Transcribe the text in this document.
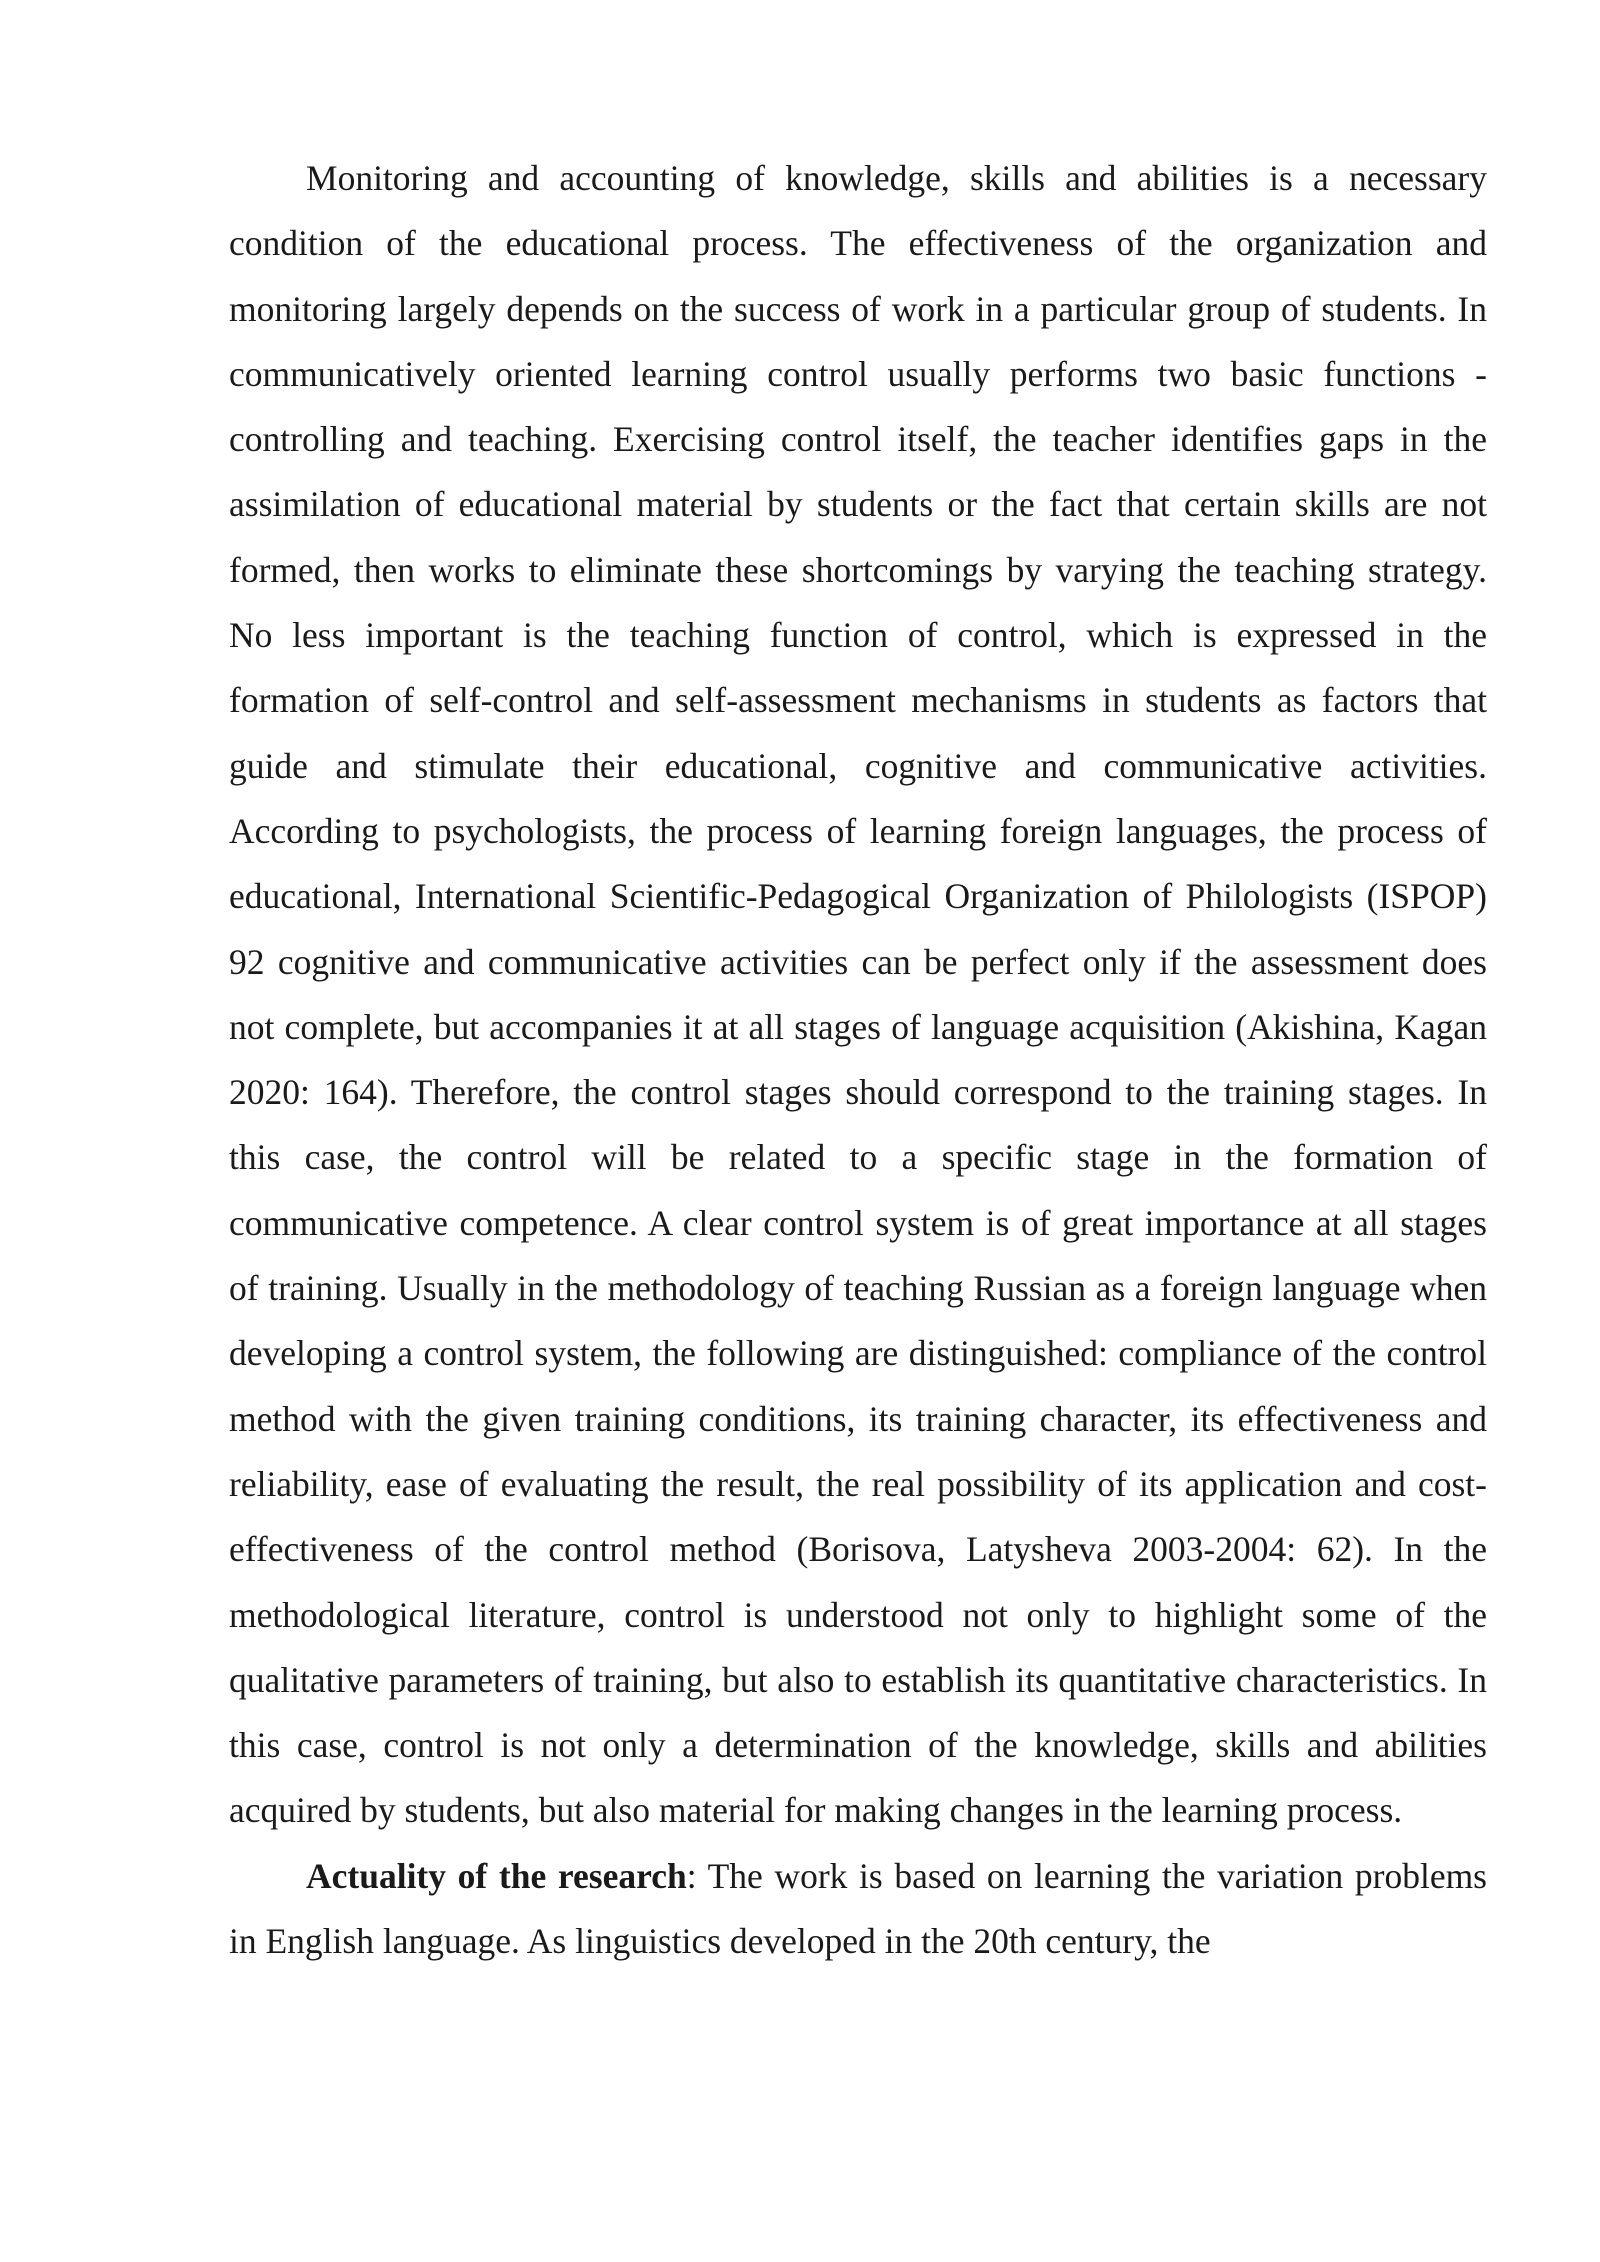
Monitoring and accounting of knowledge, skills and abilities is a necessary condition of the educational process. The effectiveness of the organization and monitoring largely depends on the success of work in a particular group of students. In communicatively oriented learning control usually performs two basic functions - controlling and teaching. Exercising control itself, the teacher identifies gaps in the assimilation of educational material by students or the fact that certain skills are not formed, then works to eliminate these shortcomings by varying the teaching strategy. No less important is the teaching function of control, which is expressed in the formation of self-control and self-assessment mechanisms in students as factors that guide and stimulate their educational, cognitive and communicative activities. According to psychologists, the process of learning foreign languages, the process of educational, International Scientific-Pedagogical Organization of Philologists (ISPOP) 92 cognitive and communicative activities can be perfect only if the assessment does not complete, but accompanies it at all stages of language acquisition (Akishina, Kagan 2020: 164). Therefore, the control stages should correspond to the training stages. In this case, the control will be related to a specific stage in the formation of communicative competence. A clear control system is of great importance at all stages of training. Usually in the methodology of teaching Russian as a foreign language when developing a control system, the following are distinguished: compliance of the control method with the given training conditions, its training character, its effectiveness and reliability, ease of evaluating the result, the real possibility of its application and cost-effectiveness of the control method (Borisova, Latysheva 2003-2004: 62). In the methodological literature, control is understood not only to highlight some of the qualitative parameters of training, but also to establish its quantitative characteristics. In this case, control is not only a determination of the knowledge, skills and abilities acquired by students, but also material for making changes in the learning process.

Actuality of the research: The work is based on learning the variation problems in English language. As linguistics developed in the 20th century, the
